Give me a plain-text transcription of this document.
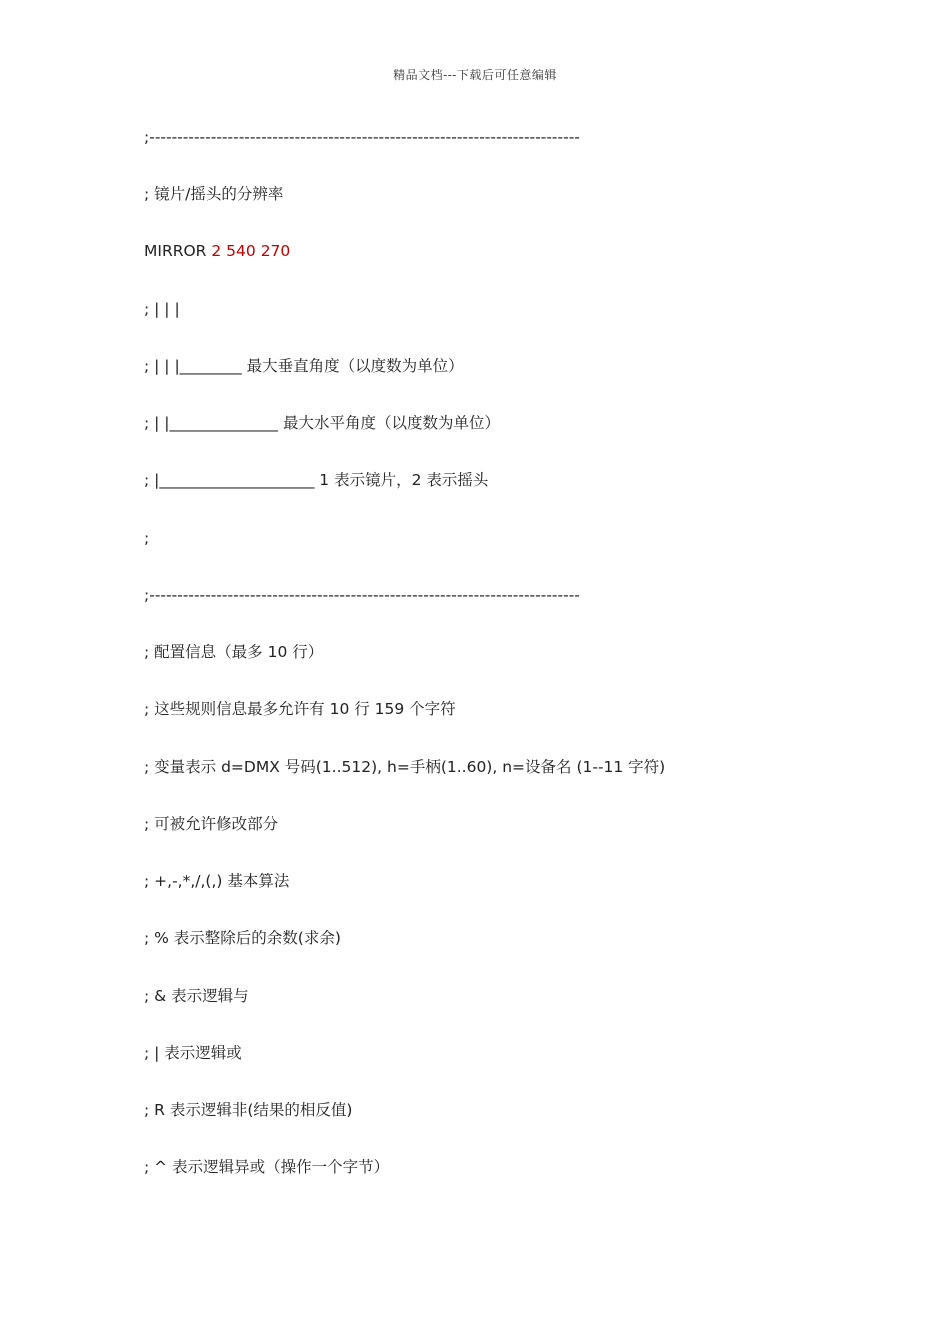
精品文档---下载后可任意编辑
;-----------------------------------------------------------------------------
; 镜片/摇头的分辨率
MIRROR 2 540 270
; | | |
; | | |________ 最大垂直角度（以度数为单位）
; | |______________ 最大水平角度（以度数为单位）
; |____________________ 1 表示镜片，2 表示摇头
;
;-----------------------------------------------------------------------------
; 配置信息（最多 10 行）
; 这些规则信息最多允许有 10 行 159 个字符
; 变量表示 d=DMX 号码(1..512), h=手柄(1..60), n=设备名 (1--11 字符)
; 可被允许修改部分
; +,-,*,/,(,) 基本算法
; % 表示整除后的余数(求余)
; & 表示逻辑与
; | 表示逻辑或
; R 表示逻辑非(结果的相反值)
; ^ 表示逻辑异或（操作一个字节）
